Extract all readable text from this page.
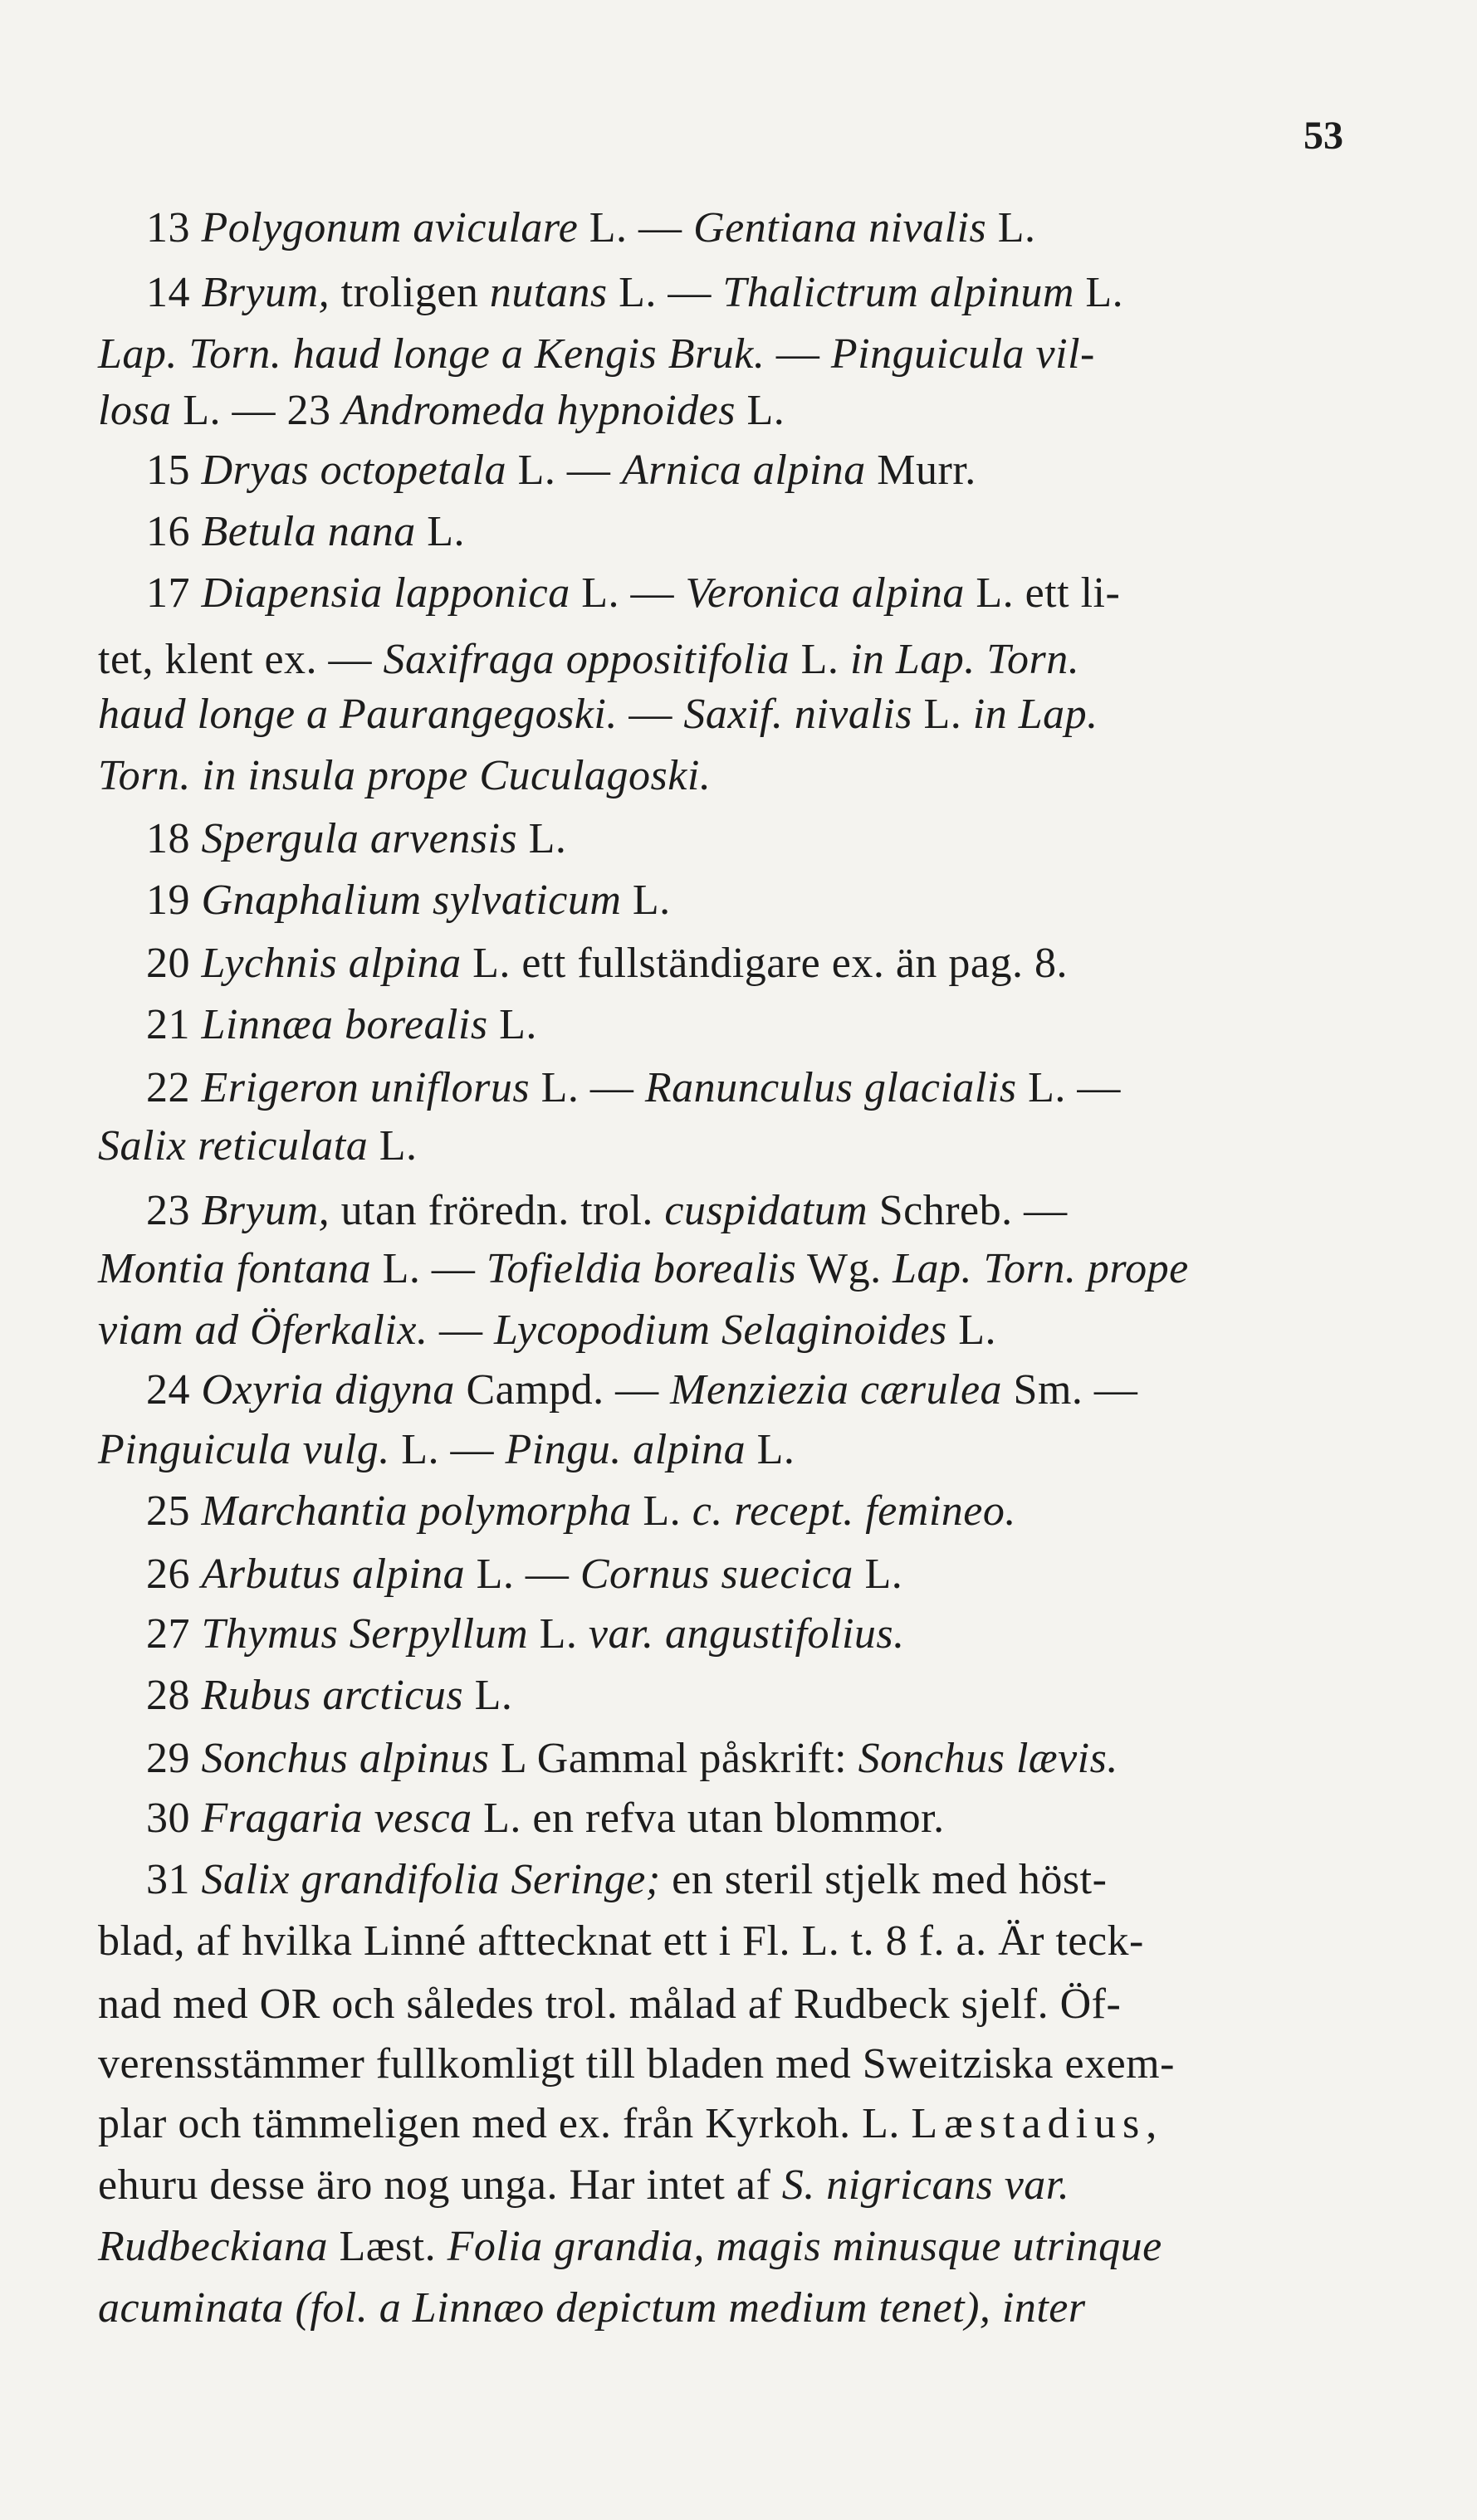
53
13 Polygonum aviculare L. — Gentiana nivalis L.
14 Bryum, troligen nutans L. — Thalictrum alpinum L.
Lap. Torn. haud longe a Kengis Bruk. — Pinguicula vil-
losa L. — 23 Andromeda hypnoides L.
15 Dryas octopetala L. — Arnica alpina Murr.
16 Betula nana L.
17 Diapensia lapponica L. — Veronica alpina L. ett li-
tet, klent ex. — Saxifraga oppositifolia L. in Lap. Torn.
haud longe a Paurangegoski. — Saxif. nivalis L. in Lap.
Torn. in insula prope Cuculagoski.
18 Spergula arvensis L.
19 Gnaphalium sylvaticum L.
20 Lychnis alpina L. ett fullständigare ex. än pag. 8.
21 Linnæa borealis L.
22 Erigeron uniflorus L. — Ranunculus glacialis L. —
Salix reticulata L.
23 Bryum, utan fröredn. trol. cuspidatum Schreb. —
Montia fontana L. — Tofieldia borealis Wg. Lap. Torn. prope
viam ad Öferkalix. — Lycopodium Selaginoides L.
24 Oxyria digyna Campd. — Menziezia cærulea Sm. —
Pinguicula vulg. L. — Pingu. alpina L.
25 Marchantia polymorpha L. c. recept. femineo.
26 Arbutus alpina L. — Cornus suecica L.
27 Thymus Serpyllum L. var. angustifolius.
28 Rubus arcticus L.
29 Sonchus alpinus L Gammal påskrift: Sonchus lævis.
30 Fragaria vesca L. en refva utan blommor.
31 Salix grandifolia Seringe; en steril stjelk med höst-
blad, af hvilka Linné afttecknat ett i Fl. L. t. 8 f. a. Är teck-
nad med OR och således trol. målad af Rudbeck sjelf. Öf-
verensstämmer fullkomligt till bladen med Sweitziska exem-
plar och tämmeligen med ex. från Kyrkoh. L. Læstadius,
ehuru desse äro nog unga. Har intet af S. nigricans var.
Rudbeckiana Læst. Folia grandia, magis minusque utrinque
acuminata (fol. a Linnæo depictum medium tenet), inter
